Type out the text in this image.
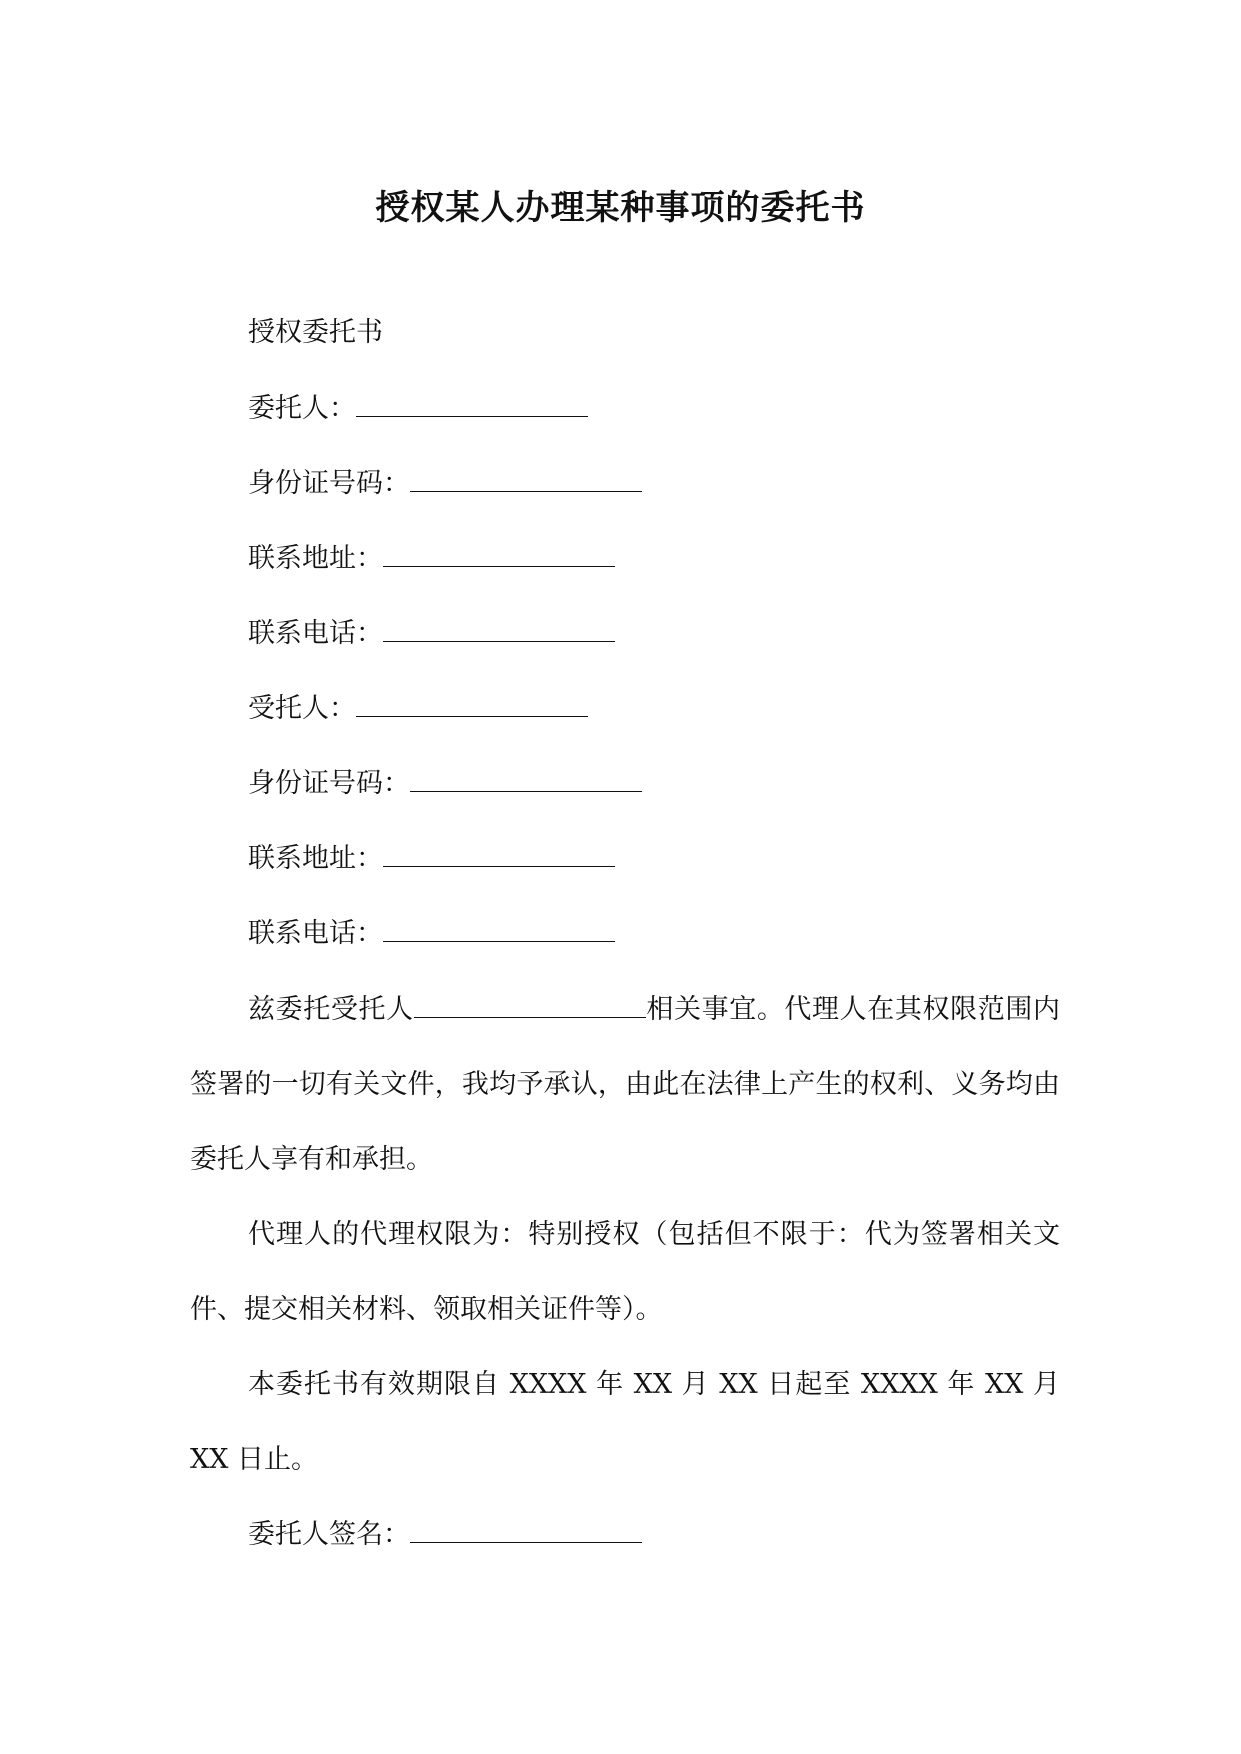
授权某人办理某种事项的委托书
授权委托书
委托人：
身份证号码：
联系地址：
联系电话：
受托人：
身份证号码：
联系地址：
联系电话：
兹委托受托人	相关事宜。代理人在其权限范围内签署的一切有关文件，我均予承认，由此在法律上产生的权利、义务均由委托人享有和承担。
代理人的代理权限为：特别授权（包括但不限于：代为签署相关文件、提交相关材料、领取相关证件等）。
本委托书有效期限自 XXXX 年 XX 月 XX 日起至 XXXX 年 XX 月 XX 日止。
委托人签名：
